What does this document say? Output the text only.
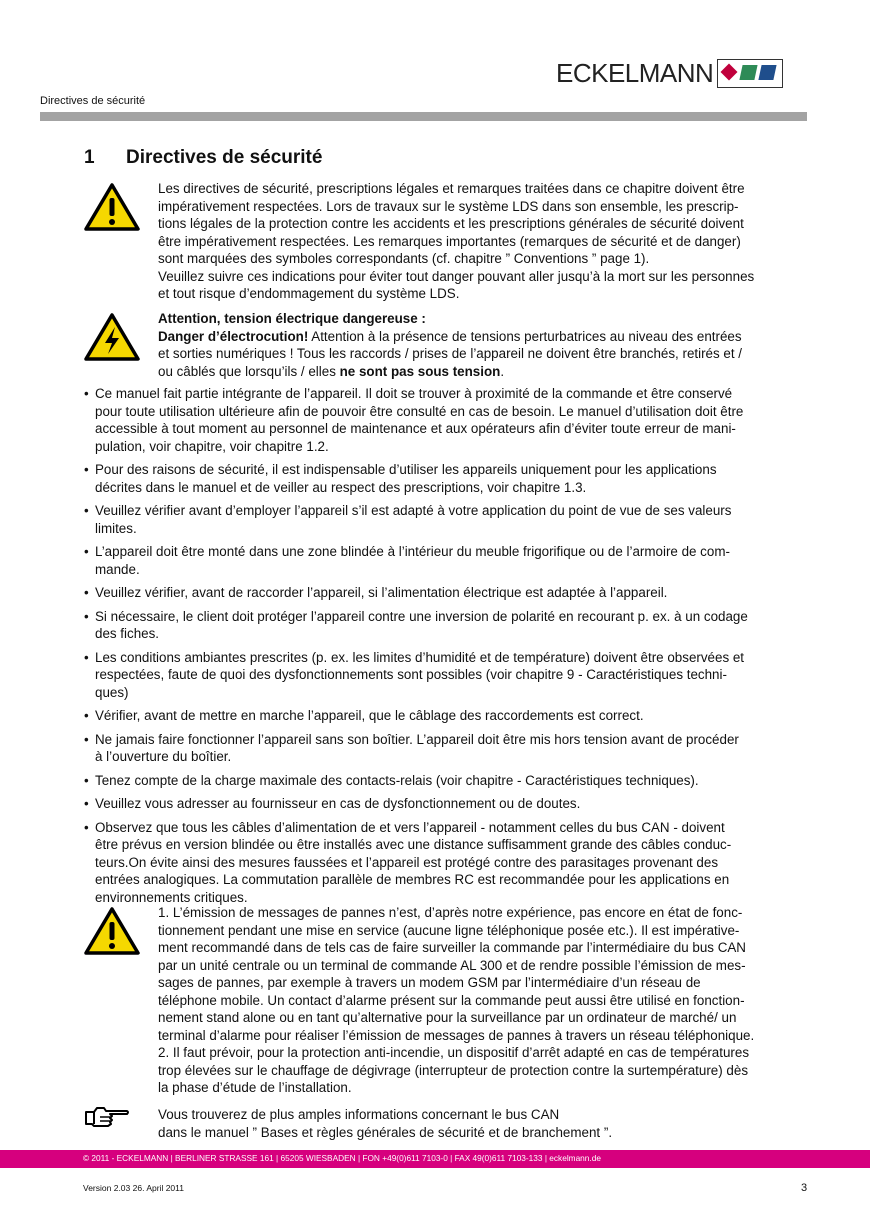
Directives de sécurité
ECKELMANN
1 Directives de sécurité
Les directives de sécurité, prescriptions légales et remarques traitées dans ce chapitre doivent être
impérativement respectées. Lors de travaux sur le système LDS dans son ensemble, les prescrip-
tions légales de la protection contre les accidents et les prescriptions générales de sécurité doivent
être impérativement respectées. Les remarques importantes (remarques de sécurité et de danger)
sont marquées des symboles correspondants (cf. chapitre ” Conventions ” page 1).
Veuillez suivre ces indications pour éviter tout danger pouvant aller jusqu’à la mort sur les personnes
et tout risque d’endommagement du système LDS.
Attention, tension électrique dangereuse :
Danger d’électrocution! Attention à la présence de tensions perturbatrices au niveau des entrées
et sorties numériques ! Tous les raccords / prises de l’appareil ne doivent être branchés, retirés et /
ou câblés que lorsqu’ils / elles ne sont pas sous tension.
• Ce manuel fait partie intégrante de l’appareil. Il doit se trouver à proximité de la commande et être conservé
pour toute utilisation ultérieure afin de pouvoir être consulté en cas de besoin. Le manuel d’utilisation doit être
accessible à tout moment au personnel de maintenance et aux opérateurs afin d’éviter toute erreur de mani-
pulation, voir chapitre, voir chapitre 1.2.
• Pour des raisons de sécurité, il est indispensable d’utiliser les appareils uniquement pour les applications
décrites dans le manuel et de veiller au respect des prescriptions, voir chapitre 1.3.
• Veuillez vérifier avant d’employer l’appareil s’il est adapté à votre application du point de vue de ses valeurs
limites.
• L’appareil doit être monté dans une zone blindée à l’intérieur du meuble frigorifique ou de l’armoire de com-
mande.
• Veuillez vérifier, avant de raccorder l’appareil, si l’alimentation électrique est adaptée à l’appareil.
• Si nécessaire, le client doit protéger l’appareil contre une inversion de polarité en recourant p. ex. à un codage
des fiches.
• Les conditions ambiantes prescrites (p. ex. les limites d’humidité et de température) doivent être observées et
respectées, faute de quoi des dysfonctionnements sont possibles (voir chapitre 9 - Caractéristiques techni-
ques)
• Vérifier, avant de mettre en marche l’appareil, que le câblage des raccordements est correct.
• Ne jamais faire fonctionner l’appareil sans son boîtier. L’appareil doit être mis hors tension avant de procéder
à l’ouverture du boîtier.
• Tenez compte de la charge maximale des contacts-relais (voir chapitre - Caractéristiques techniques).
• Veuillez vous adresser au fournisseur en cas de dysfonctionnement ou de doutes.
• Observez que tous les câbles d’alimentation de et vers l’appareil - notamment celles du bus CAN - doivent
être prévus en version blindée ou être installés avec une distance suffisamment grande des câbles conduc-
teurs.On évite ainsi des mesures faussées et l’appareil est protégé contre des parasitages provenant des
entrées analogiques. La commutation parallèle de membres RC est recommandée pour les applications en
environnements critiques.
1. L’émission de messages de pannes n’est, d’après notre expérience, pas encore en état de fonc-
tionnement pendant une mise en service (aucune ligne téléphonique posée etc.). Il est impérative-
ment recommandé dans de tels cas de faire surveiller la commande par l’intermédiaire du bus CAN
par un unité centrale ou un terminal de commande AL 300 et de rendre possible l’émission de mes-
sages de pannes, par exemple à travers un modem GSM par l’intermédiaire d’un réseau de
téléphone mobile. Un contact d’alarme présent sur la commande peut aussi être utilisé en fonction-
nement stand alone ou en tant qu’alternative pour la surveillance par un ordinateur de marché/ un
terminal d’alarme pour réaliser l’émission de messages de pannes à travers un réseau téléphonique.
2. Il faut prévoir, pour la protection anti-incendie, un dispositif d’arrêt adapté en cas de températures
trop élevées sur le chauffage de dégivrage (interrupteur de protection contre la surtempérature) dès
la phase d’étude de l’installation.
Vous trouverez de plus amples informations concernant le bus CAN
dans le manuel ” Bases et règles générales de sécurité et de branchement ”.
© 2011 - ECKELMANN | BERLINER STRASSE 161 | 65205 WIESBADEN | FON +49(0)611 7103-0 | FAX 49(0)611 7103-133 | eckelmann.de
Version 2.03 26. April 2011	3
